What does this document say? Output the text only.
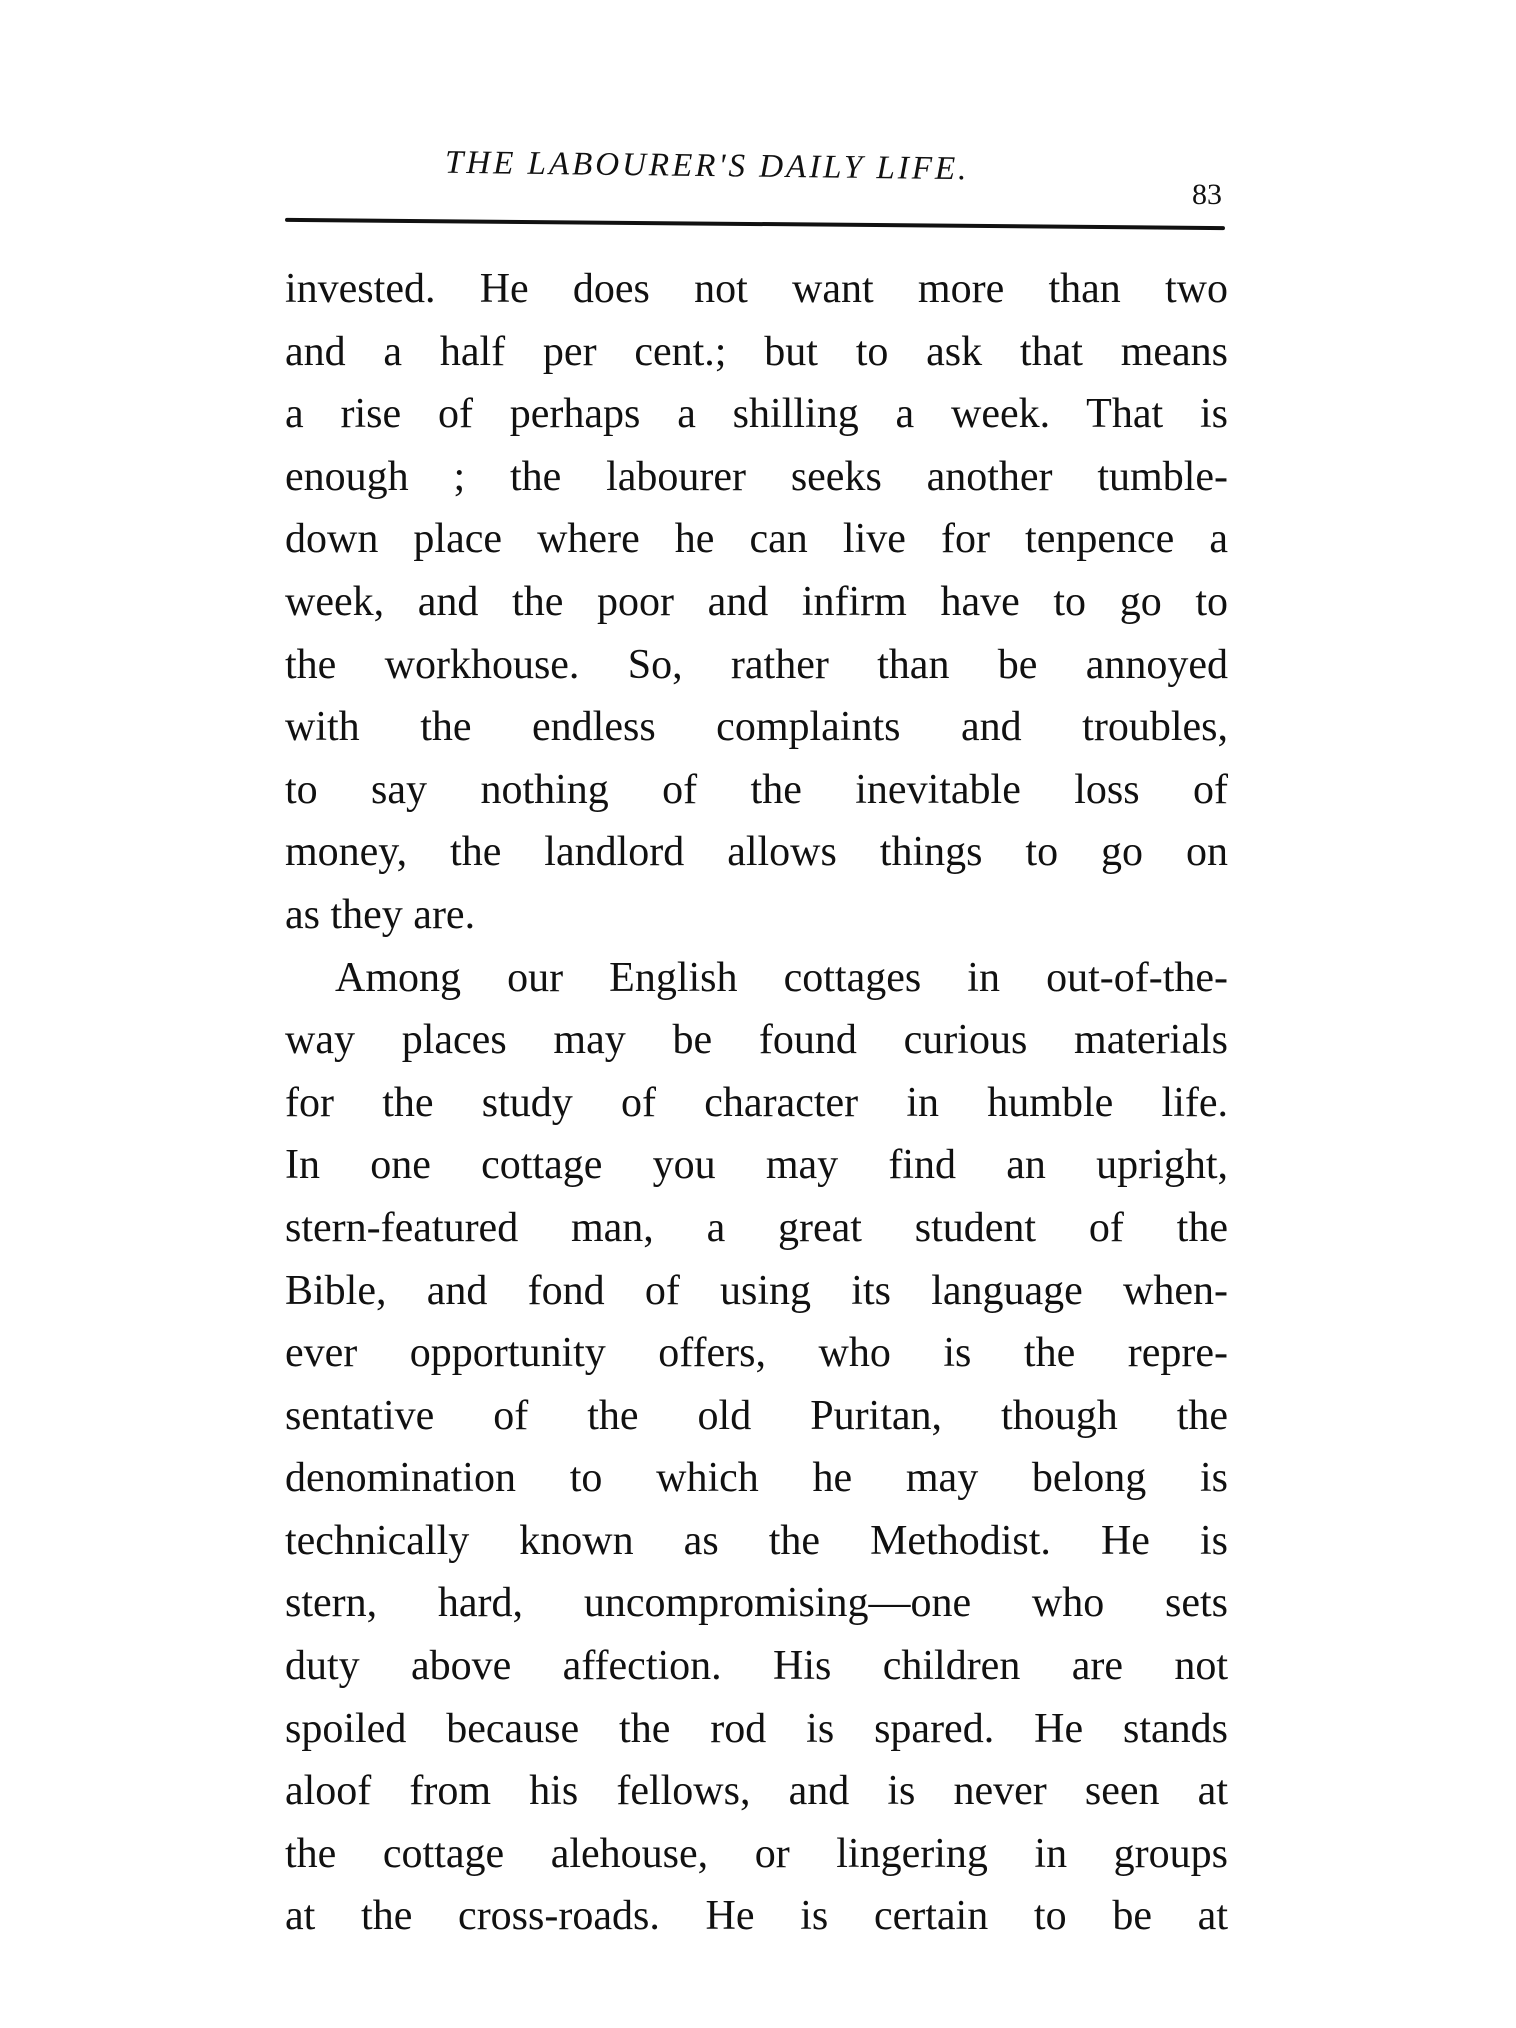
THE LABOURER'S DAILY LIFE.
83
invested. He does not want more than two
and a half per cent.; but to ask that means
a rise of perhaps a shilling a week. That is
enough ; the labourer seeks another tumble-
down place where he can live for tenpence a
week, and the poor and infirm have to go to
the workhouse. So, rather than be annoyed
with the endless complaints and troubles,
to say nothing of the inevitable loss of
money, the landlord allows things to go on
as they are.
Among our English cottages in out-of-the-
way places may be found curious materials
for the study of character in humble life.
In one cottage you may find an upright,
stern-featured man, a great student of the
Bible, and fond of using its language when-
ever opportunity offers, who is the repre-
sentative of the old Puritan, though the
denomination to which he may belong is
technically known as the Methodist. He is
stern, hard, uncompromising—one who sets
duty above affection. His children are not
spoiled because the rod is spared. He stands
aloof from his fellows, and is never seen at
the cottage alehouse, or lingering in groups
at the cross-roads. He is certain to be at
